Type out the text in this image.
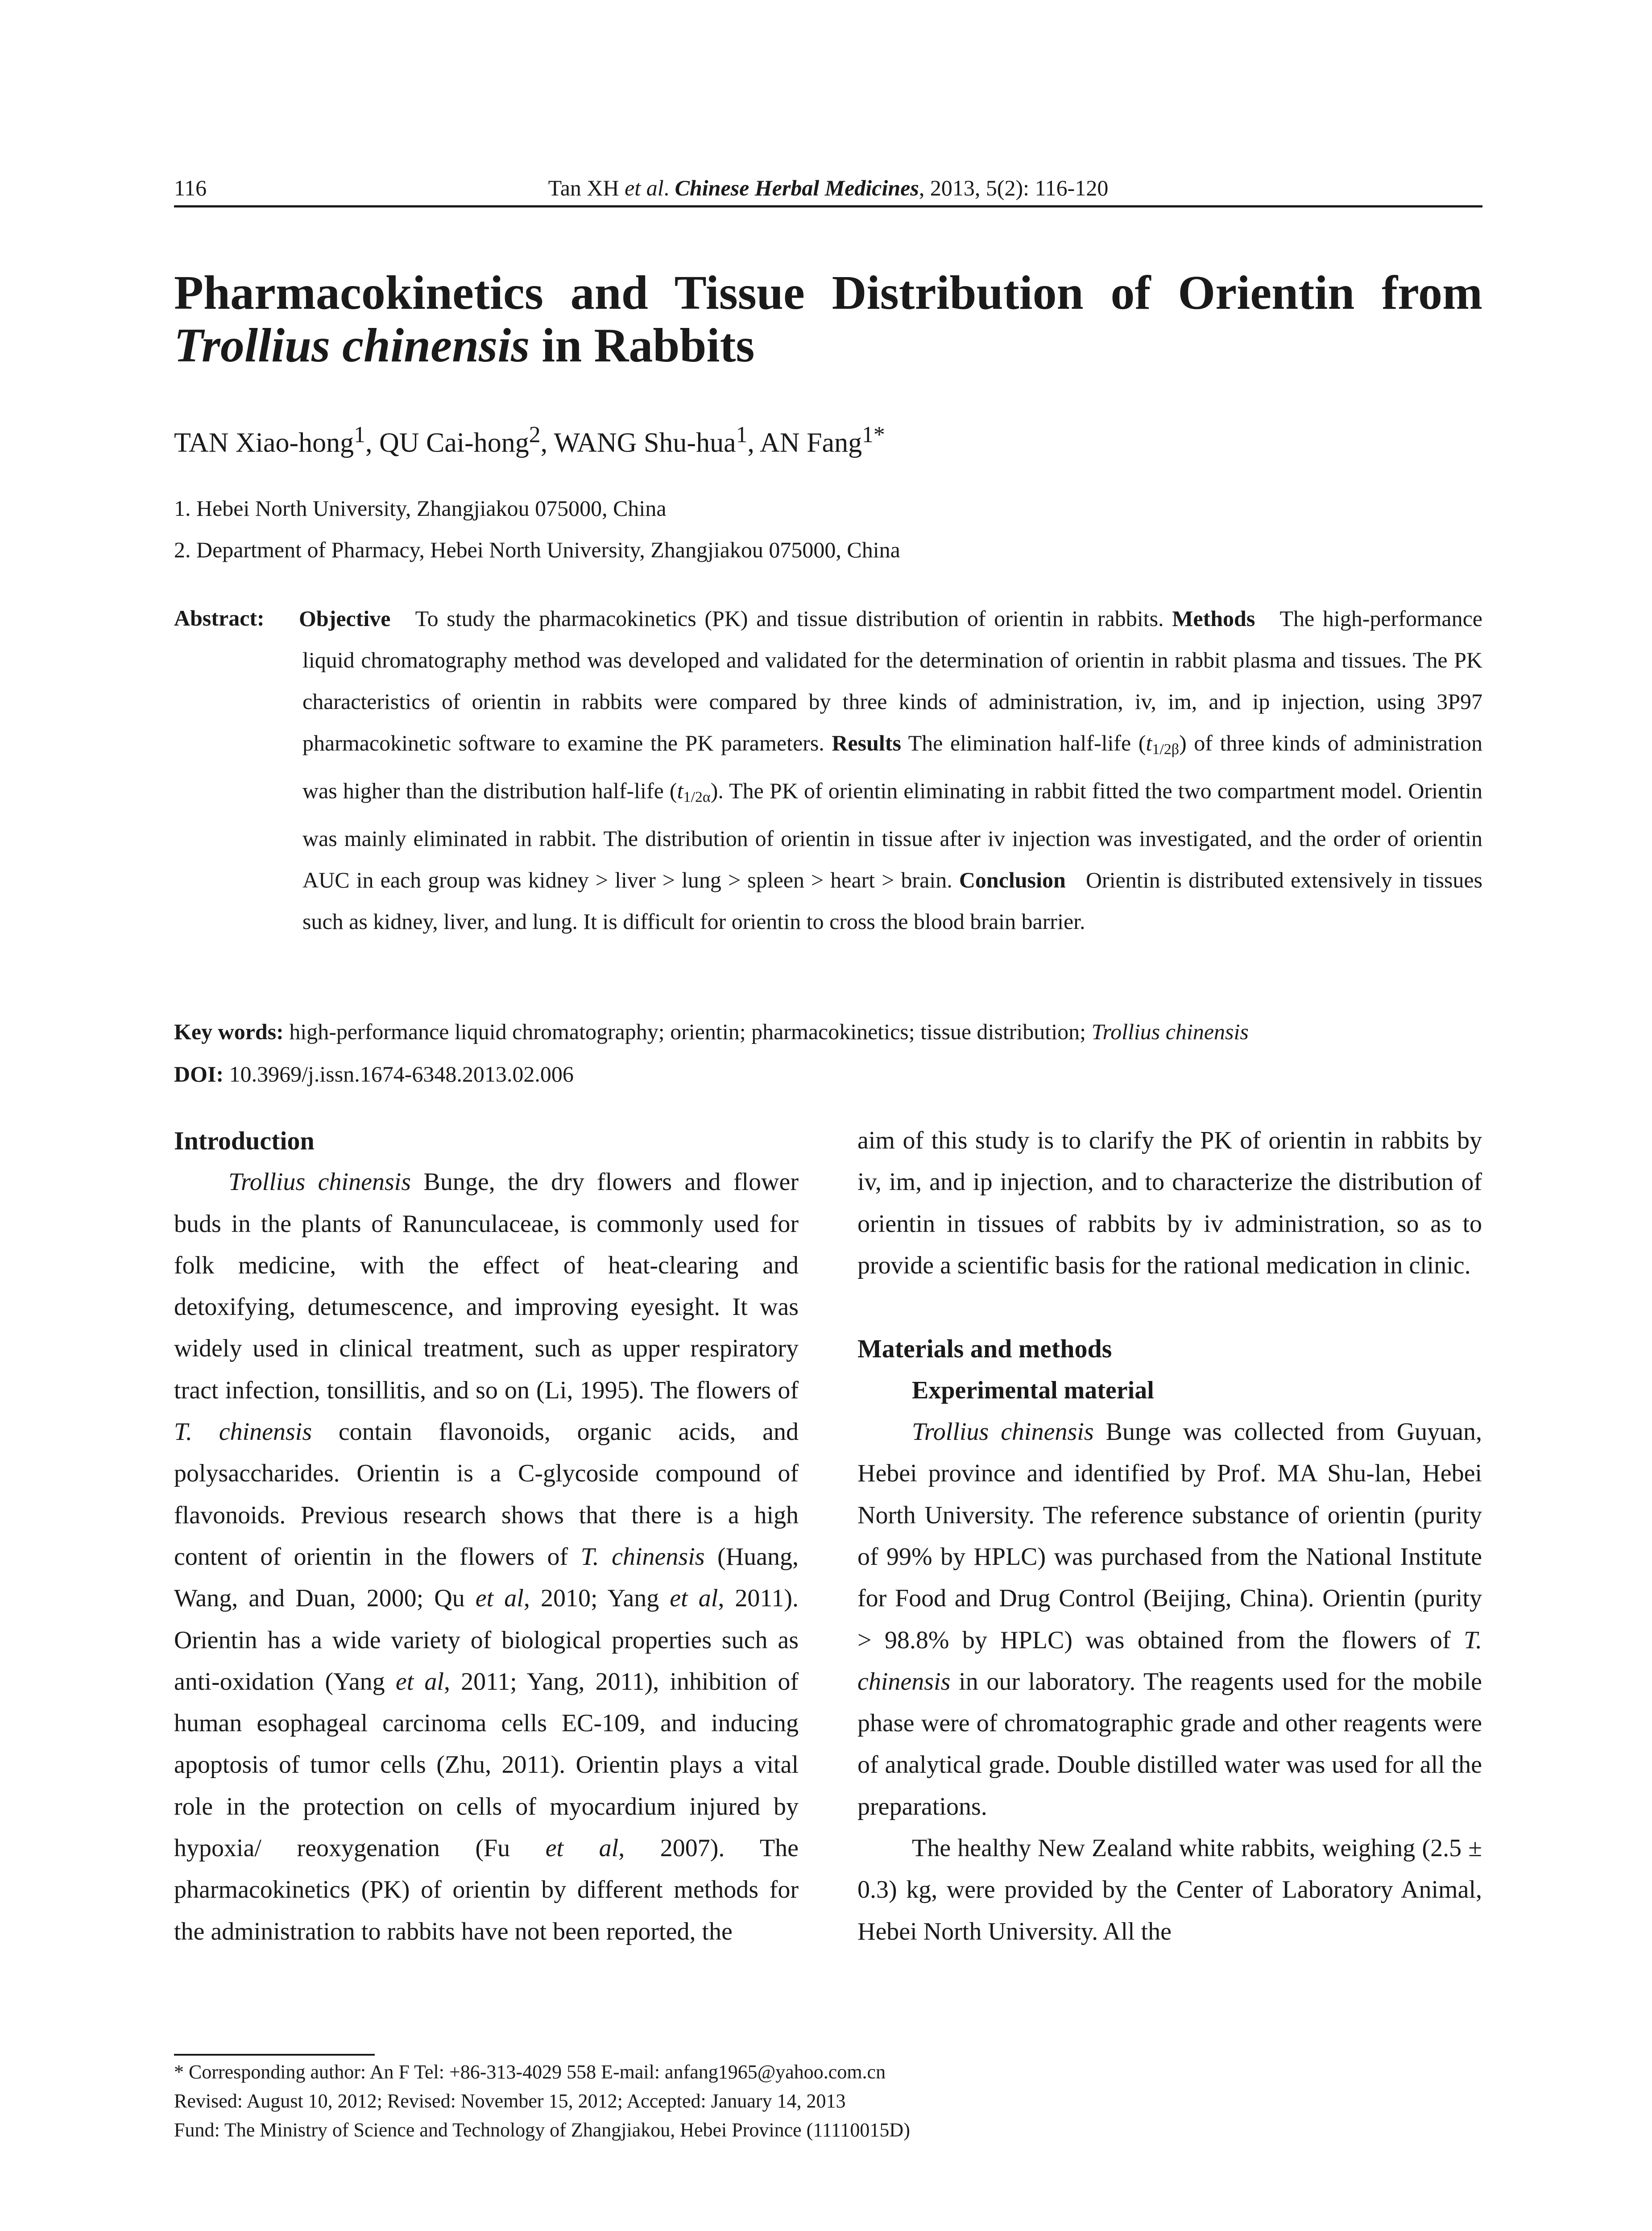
116	Tan XH et al. Chinese Herbal Medicines, 2013, 5(2): 116-120
Pharmacokinetics and Tissue Distribution of Orientin from
Trollius chinensis in Rabbits
TAN Xiao-hong$^1$, QU Cai-hong$^2$, WANG Shu-hua$^1$, AN Fang$^{1*}$
1. Hebei North University, Zhangjiakou 075000, China
2. Department of Pharmacy, Hebei North University, Zhangjiakou 075000, China
Abstract: Objective To study the pharmacokinetics (PK) and tissue distribution of orientin in rabbits. Methods The high-performance liquid chromatography method was developed and validated for the determination of orientin in rabbit plasma and tissues. The PK characteristics of orientin in rabbits were compared by three kinds of administration, iv, im, and ip injection, using 3P97 pharmacokinetic software to examine the PK parameters. Results The elimination half-life $(t_{1/2\beta})$ of three kinds of administration was higher than the distribution half-life $(t_{1/2\alpha})$. The PK of orientin eliminating in rabbit fitted the two compartment model. Orientin was mainly eliminated in rabbit. The distribution of orientin in tissue after iv injection was investigated, and the order of orientin AUC in each group was kidney > liver > lung > spleen > heart > brain. Conclusion Orientin is distributed extensively in tissues such as kidney, liver, and lung. It is difficult for orientin to cross the blood brain barrier.
Key words: high-performance liquid chromatography; orientin; pharmacokinetics; tissue distribution; Trollius chinensis
DOI: 10.3969/j.issn.1674-6348.2013.02.006
Introduction

Trollius chinensis Bunge, the dry flowers and flower buds in the plants of Ranunculaceae, is commonly used for folk medicine, with the effect of heat-clearing and detoxifying, detumescence, and improving eyesight. It was widely used in clinical treatment, such as upper respiratory tract infection, tonsillitis, and so on (Li, 1995). The flowers of T. chinensis contain flavonoids, organic acids, and polysaccharides. Orientin is a C-glycoside compound of flavonoids. Previous research shows that there is a high content of orientin in the flowers of T. chinensis (Huang, Wang, and Duan, 2000; Qu et al, 2010; Yang et al, 2011). Orientin has a wide variety of biological properties such as anti-oxidation (Yang et al, 2011; Yang, 2011), inhibition of human esophageal carcinoma cells EC-109, and inducing apoptosis of tumor cells (Zhu, 2011). Orientin plays a vital role in the protection on cells of myocardium injured by hypoxia/ reoxygenation (Fu et al, 2007). The pharmacokinetics (PK) of orientin by different methods for the administration to rabbits have not been reported, the

aim of this study is to clarify the PK of orientin in rabbits by iv, im, and ip injection, and to characterize the distribution of orientin in tissues of rabbits by iv administration, so as to provide a scientific basis for the rational medication in clinic.

Materials and methods
Experimental material

Trollius chinensis Bunge was collected from Guyuan, Hebei province and identified by Prof. MA Shu-lan, Hebei North University. The reference substance of orientin (purity of 99% by HPLC) was purchased from the National Institute for Food and Drug Control (Beijing, China). Orientin (purity > 98.8% by HPLC) was obtained from the flowers of T. chinensis in our laboratory. The reagents used for the mobile phase were of chromatographic grade and other reagents were of analytical grade. Double distilled water was used for all the preparations.

The healthy New Zealand white rabbits, weighing (2.5 ± 0.3) kg, were provided by the Center of Laboratory Animal, Hebei North University. All the

* Corresponding author: An F Tel: +86-313-4029 558 E-mail: anfang1965@yahoo.com.cn
Revised: August 10, 2012; Revised: November 15, 2012; Accepted: January 14, 2013
Fund: The Ministry of Science and Technology of Zhangjiakou, Hebei Province (11110015D)
